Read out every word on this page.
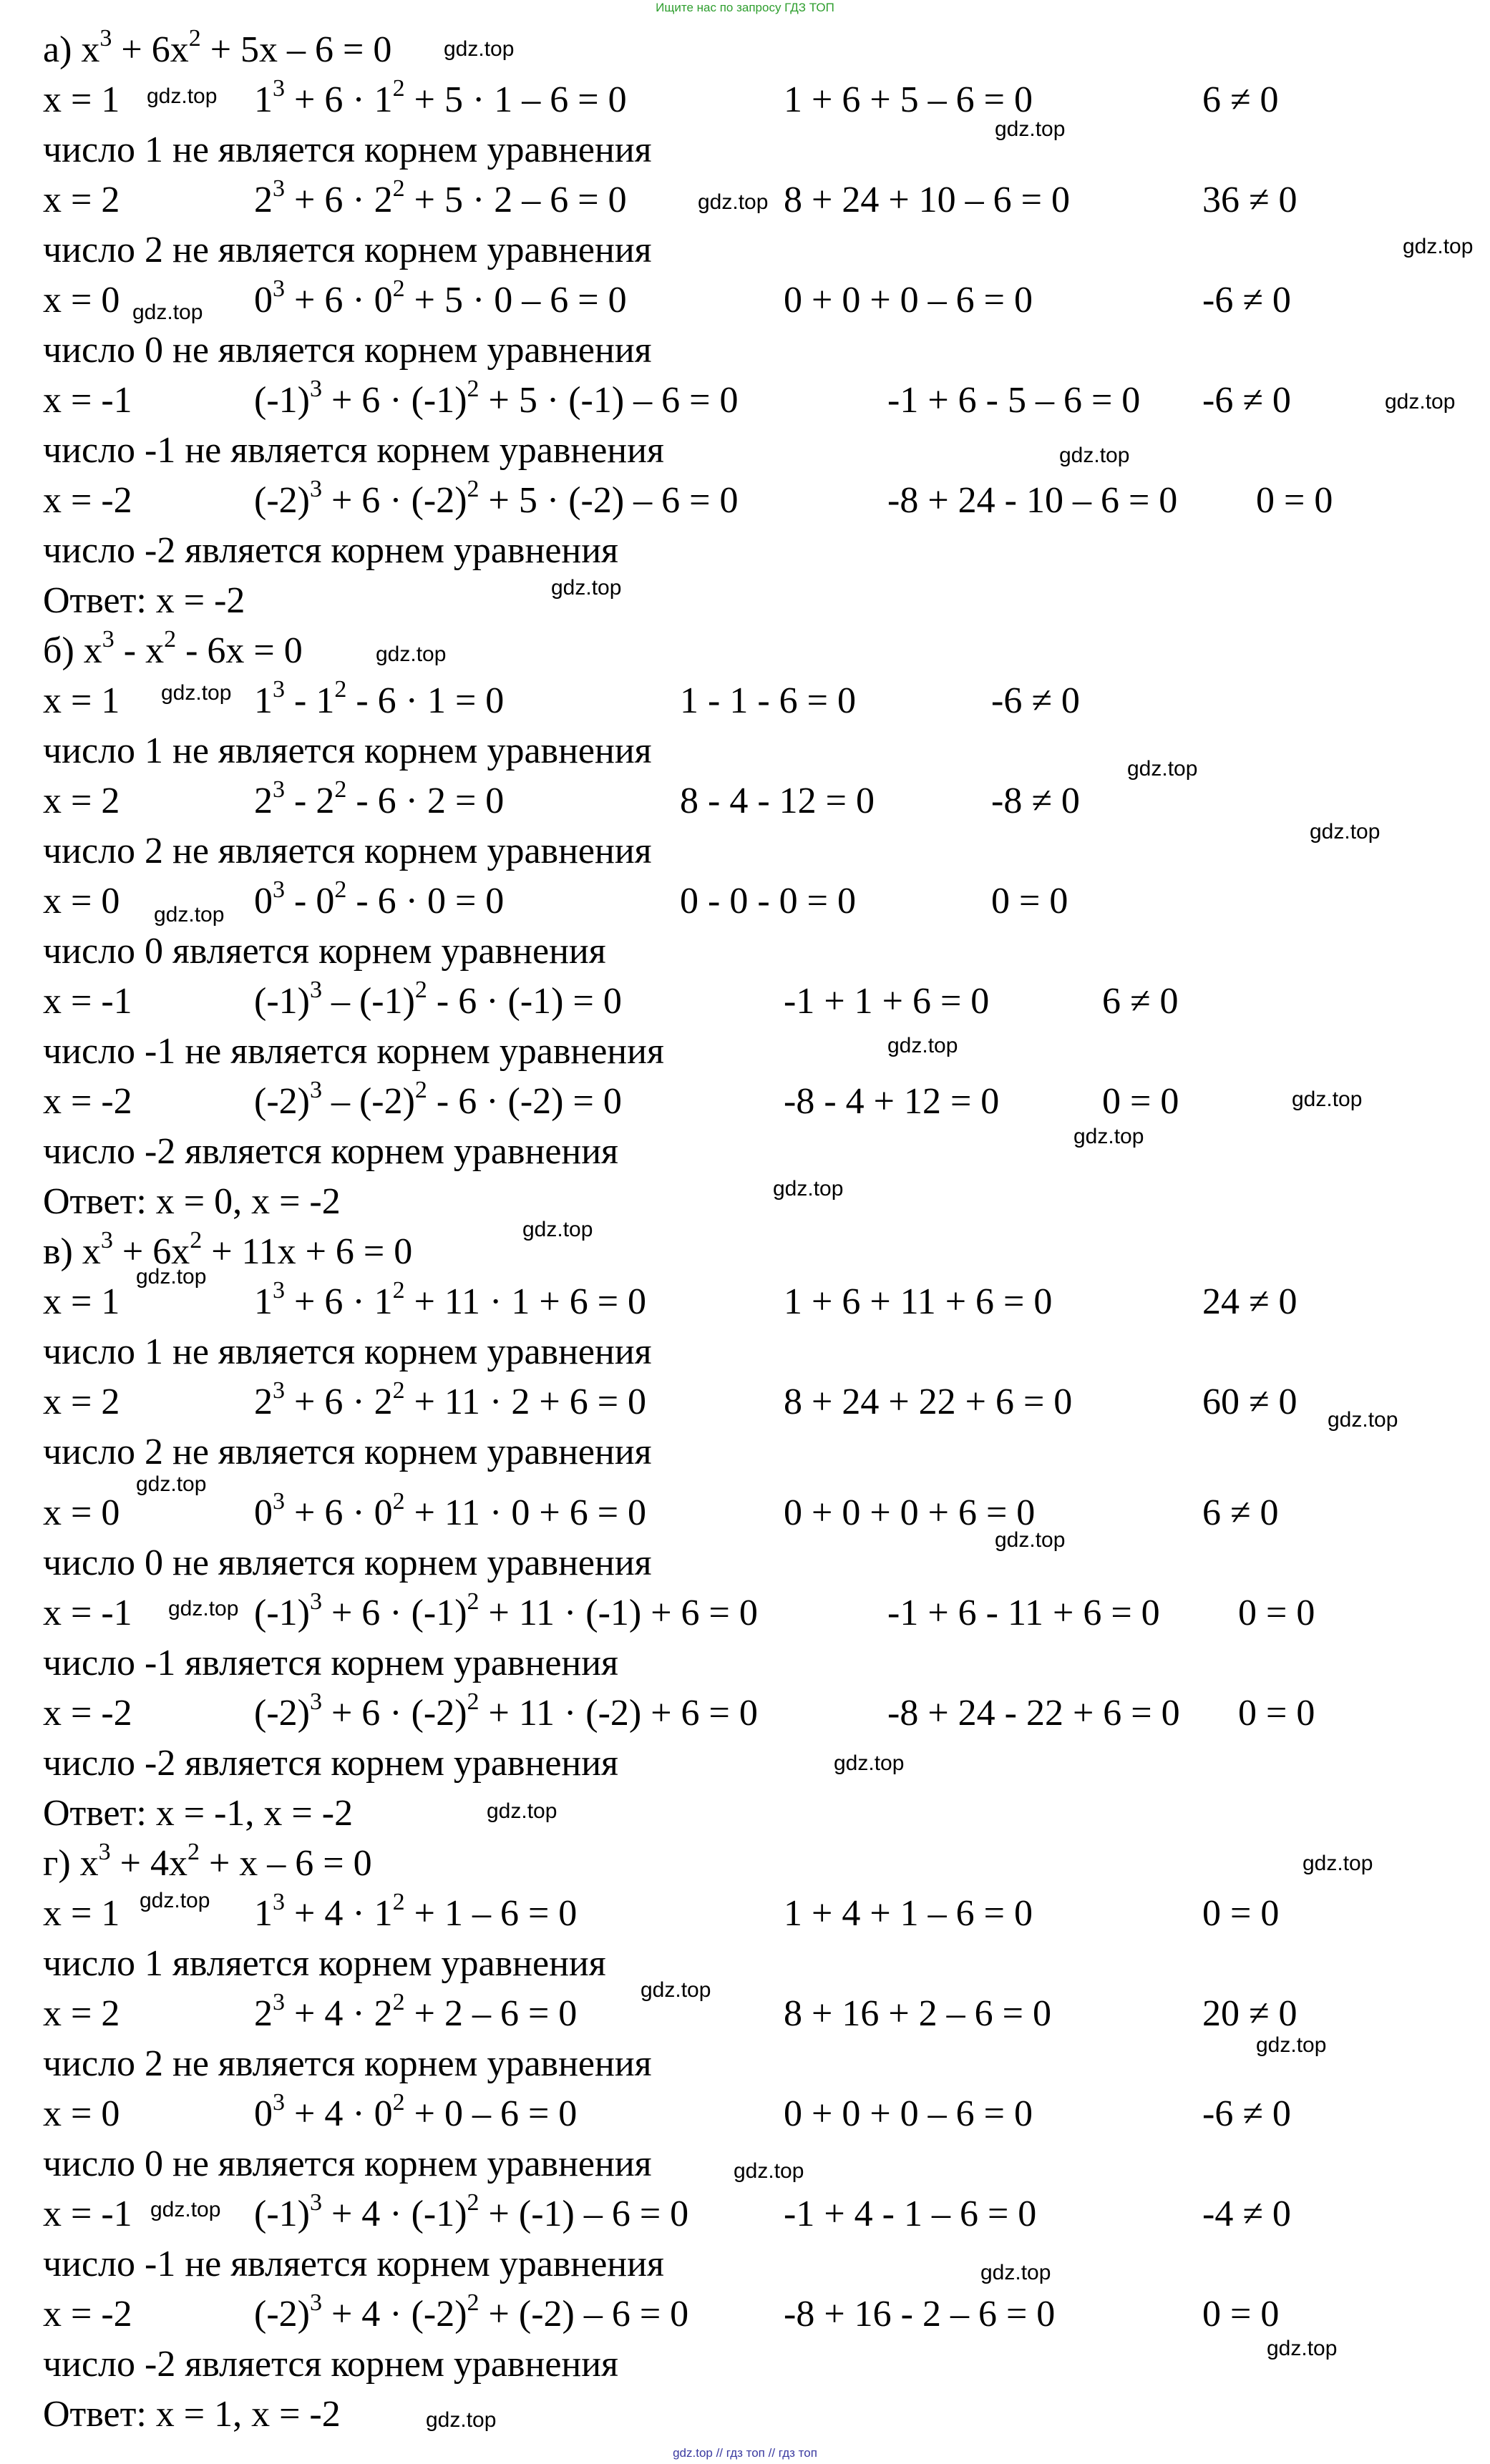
Ищите нас по запросу ГДЗ ТОП
а) $x^3 + 6x^2 + 5x - 6 = 0$
x = 1	$1^3 + 6 \cdot 1^2 + 5 \cdot 1 - 6 = 0$	1 + 6 + 5 – 6 = 0	6 ≠ 0
число 1 не является корнем уравнения
x = 2	$2^3 + 6 \cdot 2^2 + 5 \cdot 2 - 6 = 0$	8 + 24 + 10 – 6 = 0	36 ≠ 0
число 2 не является корнем уравнения
x = 0	$0^3 + 6 \cdot 0^2 + 5 \cdot 0 - 6 = 0$	0 + 0 + 0 – 6 = 0	-6 ≠ 0
число 0 не является корнем уравнения
x = -1	$(-1)^3 + 6 \cdot (-1)^2 + 5 \cdot (-1) - 6 = 0$	-1 + 6 - 5 – 6 = 0 -6 ≠ 0
число -1 не является корнем уравнения
x = -2	$(-2)^3 + 6 \cdot (-2)^2 + 5 \cdot (-2) - 6 = 0$	-8 + 24 - 10 – 6 = 0 0 = 0
число -2 является корнем уравнения
Ответ: x = -2
б) $x^3 - x^2 - 6x = 0$
x = 1	$1^3 - 1^2 - 6 \cdot 1 = 0$	1 - 1 - 6 = 0	-6 ≠ 0
число 1 не является корнем уравнения
x = 2	$2^3 - 2^2 - 6 \cdot 2 = 0$	8 - 4 - 12 = 0	-8 ≠ 0
число 2 не является корнем уравнения
x = 0	$0^3 - 0^2 - 6 \cdot 0 = 0$	0 - 0 - 0 = 0	0 = 0
число 0 является корнем уравнения
x = -1	$(-1)^3 - (-1)^2 - 6 \cdot (-1) = 0$	-1 + 1 + 6 = 0	6 ≠ 0
число -1 не является корнем уравнения
x = -2	$(-2)^3 - (-2)^2 - 6 \cdot (-2) = 0$	-8 - 4 + 12 = 0	0 = 0
число -2 является корнем уравнения
Ответ: x = 0, x = -2
в) $x^3 + 6x^2 + 11x + 6 = 0$
x = 1	$1^3 + 6 \cdot 1^2 + 11 \cdot 1 + 6 = 0$	1 + 6 + 11 + 6 = 0	24 ≠ 0
число 1 не является корнем уравнения
x = 2	$2^3 + 6 \cdot 2^2 + 11 \cdot 2 + 6 = 0$	8 + 24 + 22 + 6 = 0	60 ≠ 0
число 2 не является корнем уравнения
x = 0	$0^3 + 6 \cdot 0^2 + 11 \cdot 0 + 6 = 0$	0 + 0 + 0 + 6 = 0	6 ≠ 0
число 0 не является корнем уравнения
x = -1	$(-1)^3 + 6 \cdot (-1)^2 + 11 \cdot (-1) + 6 = 0$	-1 + 6 - 11 + 6 = 0 0 = 0
число -1 является корнем уравнения
x = -2	$(-2)^3 + 6 \cdot (-2)^2 + 11 \cdot (-2) + 6 = 0$	-8 + 24 - 22 + 6 = 0 0 = 0
число -2 является корнем уравнения
Ответ: x = -1, x = -2
г) $x^3 + 4x^2 + x - 6 = 0$
x = 1	$1^3 + 4 \cdot 1^2 + 1 - 6 = 0$	1 + 4 + 1 – 6 = 0	0 = 0
число 1 является корнем уравнения
x = 2	$2^3 + 4 \cdot 2^2 + 2 - 6 = 0$	8 + 16 + 2 – 6 = 0	20 ≠ 0
число 2 не является корнем уравнения
x = 0	$0^3 + 4 \cdot 0^2 + 0 - 6 = 0$	0 + 0 + 0 – 6 = 0	-6 ≠ 0
число 0 не является корнем уравнения
x = -1	$(-1)^3 + 4 \cdot (-1)^2 + (-1) - 6 = 0$	-1 + 4 - 1 – 6 = 0	-4 ≠ 0
число -1 не является корнем уравнения
x = -2	$(-2)^3 + 4 \cdot (-2)^2 + (-2) - 6 = 0$	-8 + 16 - 2 – 6 = 0	0 = 0
число -2 является корнем уравнения
Ответ: x = 1, x = -2
gdz.top
gdz.top
gdz.top
gdz.top
gdz.top
gdz.top
gdz.top
gdz.top
gdz.top
gdz.top
gdz.top
gdz.top
gdz.top
gdz.top
gdz.top
gdz.top
gdz.top
gdz.top
gdz.top
gdz.top
gdz.top
gdz.top
gdz.top
gdz.top
gdz.top
gdz.top
gdz.top
gdz.top
gdz.top
gdz.top
gdz.top
gdz.top
gdz.top
gdz.top
gdz.top
gdz.top // гдз топ // гдз топ
